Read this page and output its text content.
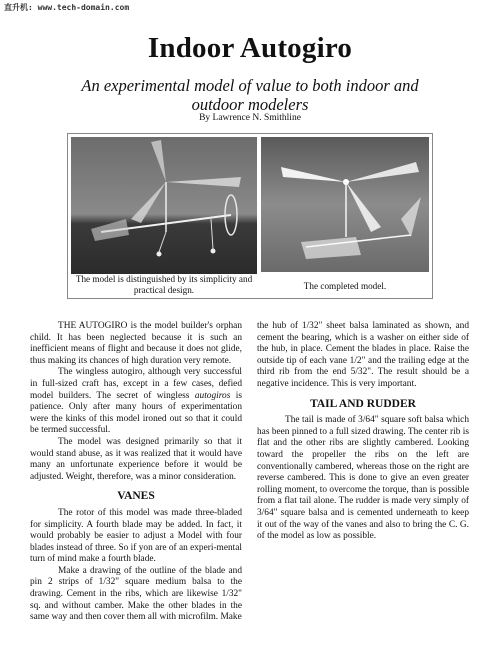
直升机: www.tech-domain.com
Indoor Autogiro
An experimental model of value to both indoor and outdoor modelers
By Lawrence N. Smithline
The model is distinguished by its simplicity and practical design.	The completed model.

THE AUTOGIRO is the model builder's orphan child. It has been neglected because it is such an inefficient means of flight and because it does not glide, thus making its chances of high duration very remote.

The wingless autogiro, although very successful in full-sized craft has, except in a few cases, defied model builders. The secret of wingless autogiros is patience. Only after many hours of experimentation were the kinks of this model ironed out so that it could be termed successful.

The model was designed primarily so that it would stand abuse, as it was realized that it would have many an unfortunate experience before it would be adjusted. Weight, therefore, was a minor consideration.

VANES

The rotor of this model was made three-bladed for simplicity. A fourth blade may be added. In fact, it would probably be easier to adjust a Model with four blades instead of three. So if yon are of an experi-mental turn of mind make a fourth blade.

Make a drawing of the outline of the blade and pin 2 strips of 1/32" square medium balsa to the drawing. Cement in the ribs, which are likewise 1/32" sq. and without camber. Make the other blades in the same way and then cover them all with microfilm. Make

the hub of 1/32" sheet balsa laminated as shown, and cement the bearing, which is a washer on either side of the hub, in place. Cement the blades in place. Raise the outside tip of each vane 1/2" and the trailing edge at the third rib from the end 5/32". The result should be a negative incidence. This is very important.

TAIL AND RUDDER

The tail is made of 3/64" square soft balsa which has been pinned to a full sized drawing. The center rib is flat and the other ribs are slightly cambered. Looking toward the propeller the ribs on the left are conventionally cambered, whereas those on the right are reverse cambered. This is done to give an even greater rolling moment, to overcome the torque, than is possible from a flat tail alone. The rudder is made very simply of 3/64" square balsa and is cemented underneath to keep it out of the way of the vanes and also to bring the C. G. of the model as low as possible.
